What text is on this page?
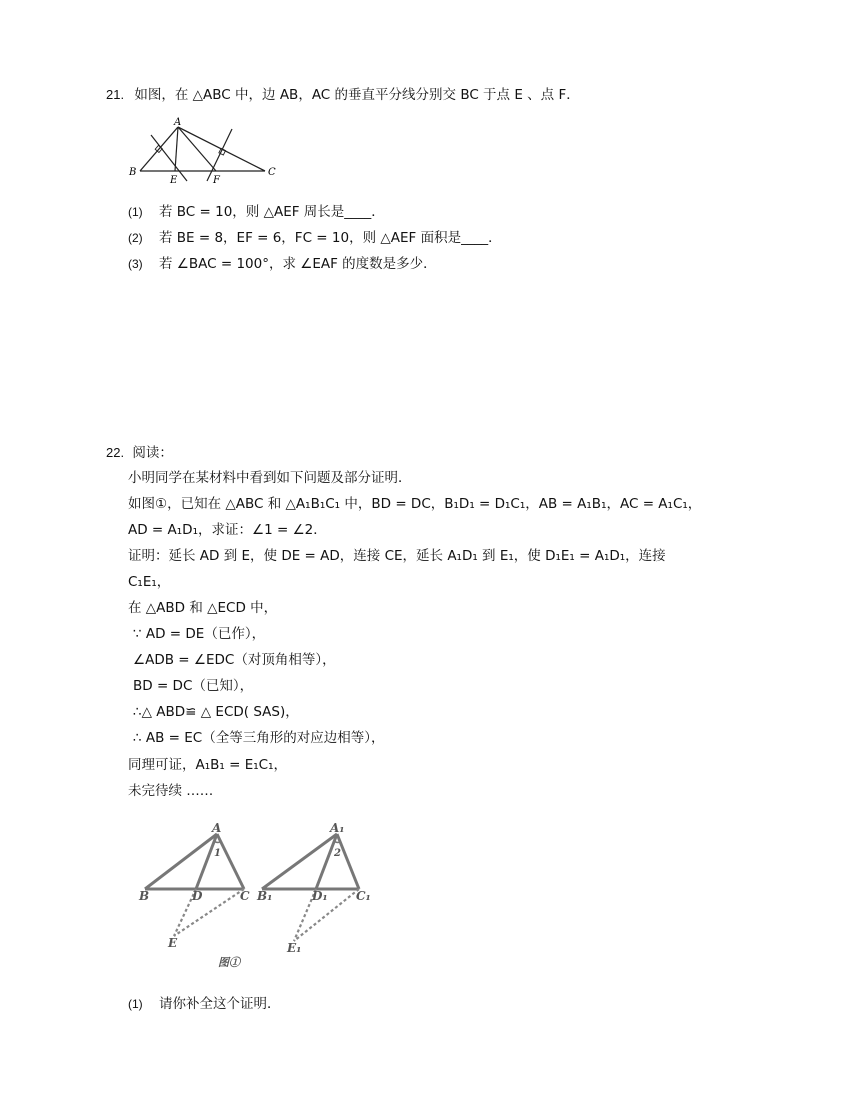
21. 如图，在 △ABC 中，边 AB，AC 的垂直平分线分别交 BC 于点 E 、点 F．
A
B	C
E	F
(1) 若 BC = 10，则 △AEF 周长是____．
(2) 若 BE = 8，EF = 6，FC = 10，则 △AEF 面积是____．
(3) 若 ∠BAC = 100°，求 ∠EAF 的度数是多少．
22. 阅读：
小明同学在某材料中看到如下问题及部分证明．
如图①，已知在 △ABC 和 △A₁B₁C₁ 中，BD = DC，B₁D₁ = D₁C₁，AB = A₁B₁，AC = A₁C₁，
AD = A₁D₁，求证：∠1 = ∠2．
证明：延长 AD 到 E，使 DE = AD，连接 CE，延长 A₁D₁ 到 E₁，使 D₁E₁ = A₁D₁，连接
C₁E₁，
在 △ABD 和 △ECD 中，
∵ AD = DE（已作），
∠ADB = ∠EDC（对顶角相等），
BD = DC（已知），
∴△ ABD≌ △ ECD( SAS)，
∴ AB = EC（全等三角形的对应边相等），
同理可证，A₁B₁ = E₁C₁，
未完待续 ……
A
1
B	D	C
E
A₁
2
B₁	D₁ C₁
E₁
图①
(1) 请你补全这个证明．
